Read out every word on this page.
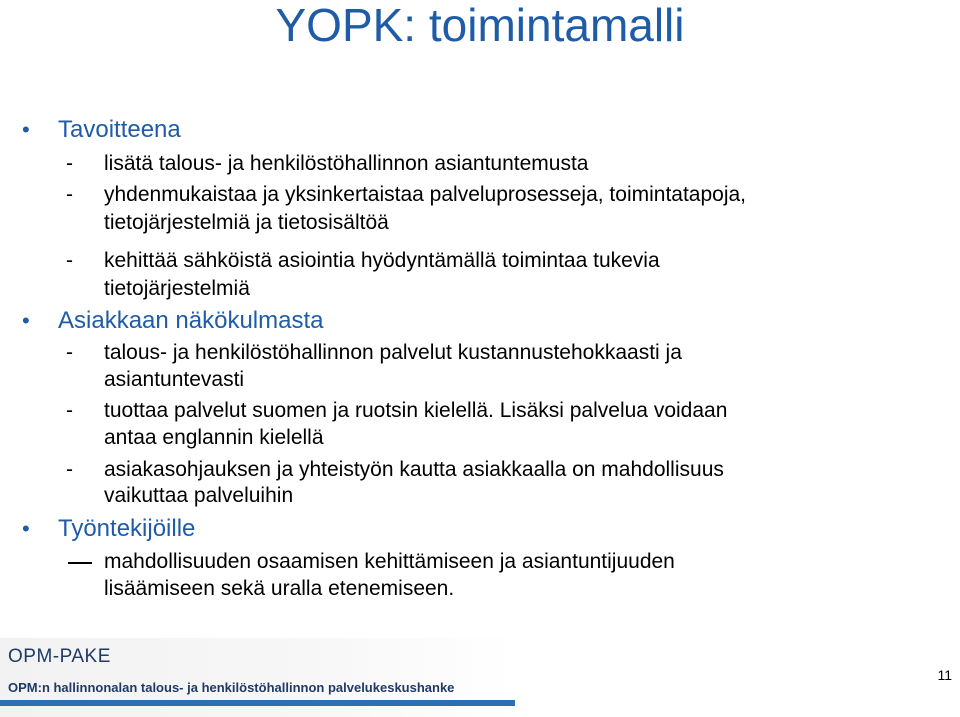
YOPK: toimintamalli
• Tavoitteena
- lisätä talous- ja henkilöstöhallinnon asiantuntemusta
- yhdenmukaistaa ja yksinkertaistaa palveluprosesseja, toimintatapoja,
tietojärjestelmiä ja tietosisältöä
- kehittää sähköistä asiointia hyödyntämällä toimintaa tukevia
tietojärjestelmiä
• Asiakkaan näkökulmasta
- talous- ja henkilöstöhallinnon palvelut kustannustehokkaasti ja
asiantuntevasti
- tuottaa palvelut suomen ja ruotsin kielellä. Lisäksi palvelua voidaan
antaa englannin kielellä
- asiakasohjauksen ja yhteistyön kautta asiakkaalla on mahdollisuus
vaikuttaa palveluihin
• Työntekijöille
mahdollisuuden osaamisen kehittämiseen ja asiantuntijuuden
lisäämiseen sekä uralla etenemiseen.
OPM-PAKE
OPM:n hallinnonalan talous- ja henkilöstöhallinnon palvelukeskushanke
11
